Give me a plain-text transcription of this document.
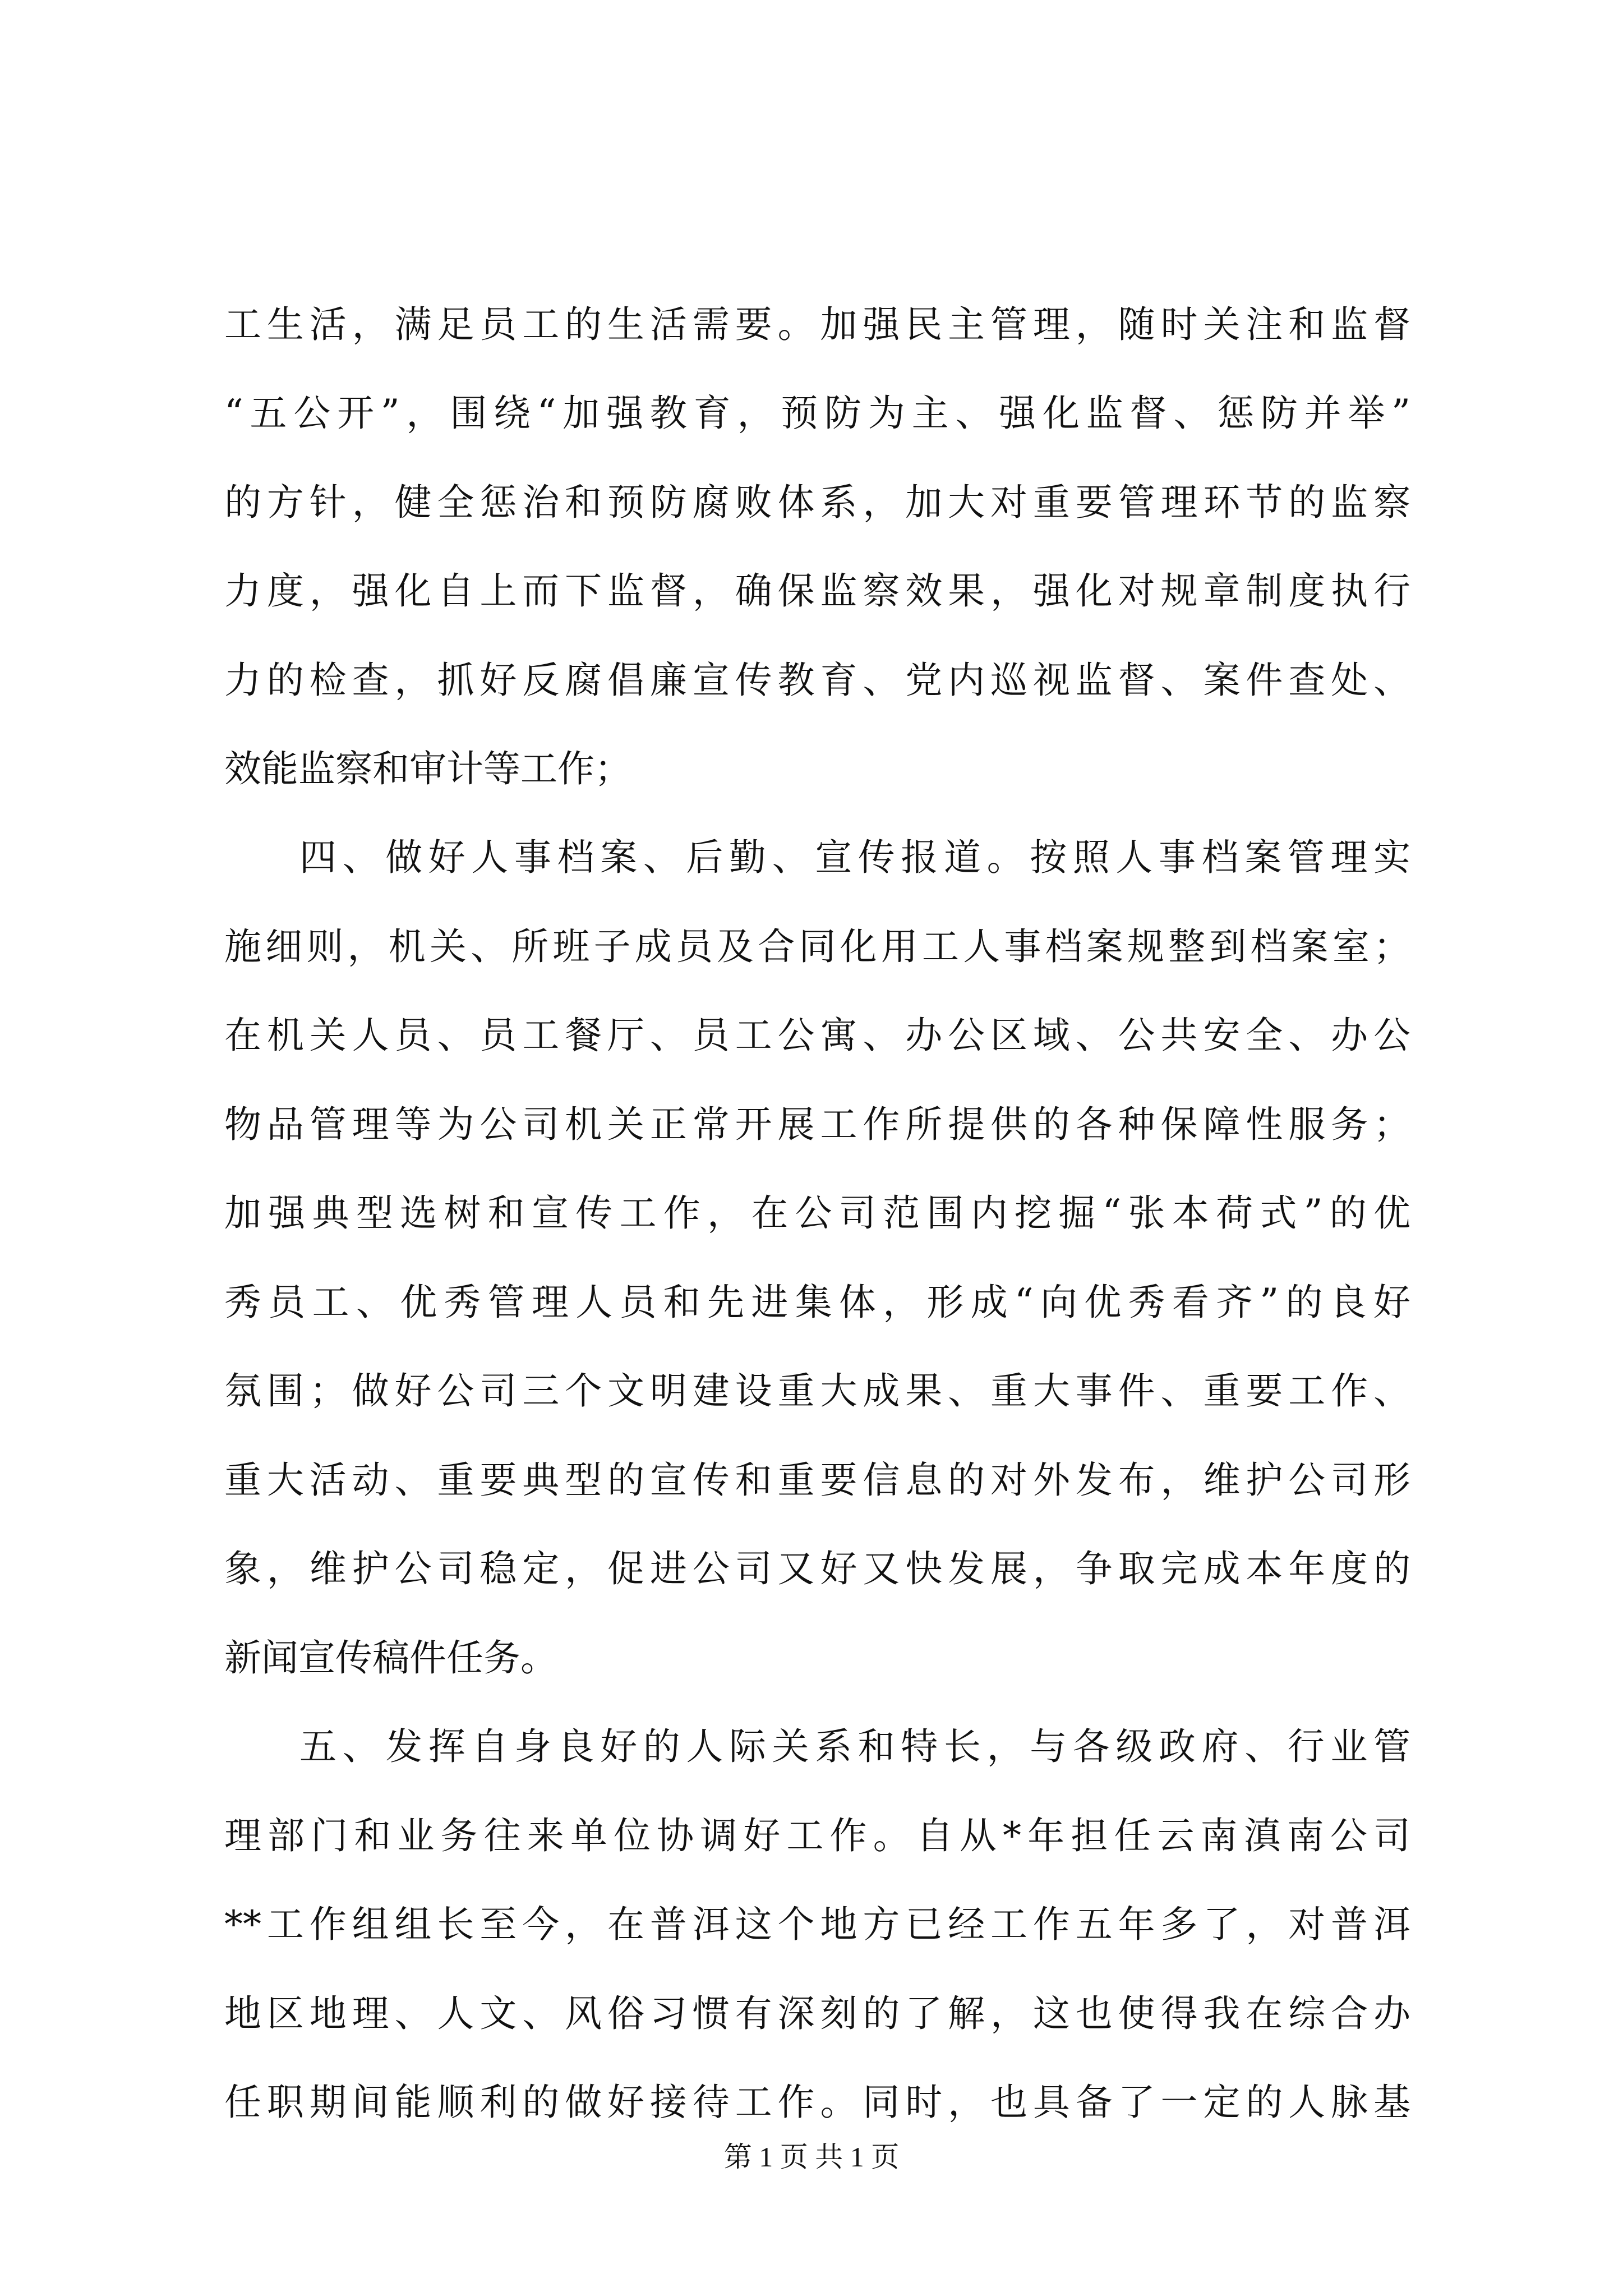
工生活，满足员工的生活需要。加强民主管理，随时关注和监督

“五公开”，围绕“加强教育，预防为主、强化监督、惩防并举”

的方针，健全惩治和预防腐败体系，加大对重要管理环节的监察

力度，强化自上而下监督，确保监察效果，强化对规章制度执行

力的检查，抓好反腐倡廉宣传教育、党内巡视监督、案件查处、

效能监察和审计等工作；

四、做好人事档案、后勤、宣传报道。按照人事档案管理实

施细则，机关、所班子成员及合同化用工人事档案规整到档案室；

在机关人员、员工餐厅、员工公寓、办公区域、公共安全、办公

物品管理等为公司机关正常开展工作所提供的各种保障性服务；

加强典型选树和宣传工作，在公司范围内挖掘“张本荷式”的优

秀员工、优秀管理人员和先进集体，形成“向优秀看齐”的良好

氛围；做好公司三个文明建设重大成果、重大事件、重要工作、

重大活动、重要典型的宣传和重要信息的对外发布，维护公司形

象，维护公司稳定，促进公司又好又快发展，争取完成本年度的

新闻宣传稿件任务。

五、发挥自身良好的人际关系和特长，与各级政府、行业管

理部门和业务往来单位协调好工作。自从*年担任云南滇南公司

**工作组组长至今，在普洱这个地方已经工作五年多了，对普洱

地区地理、人文、风俗习惯有深刻的了解，这也使得我在综合办

任职期间能顺利的做好接待工作。同时，也具备了一定的人脉基

第 1 页 共 1 页
